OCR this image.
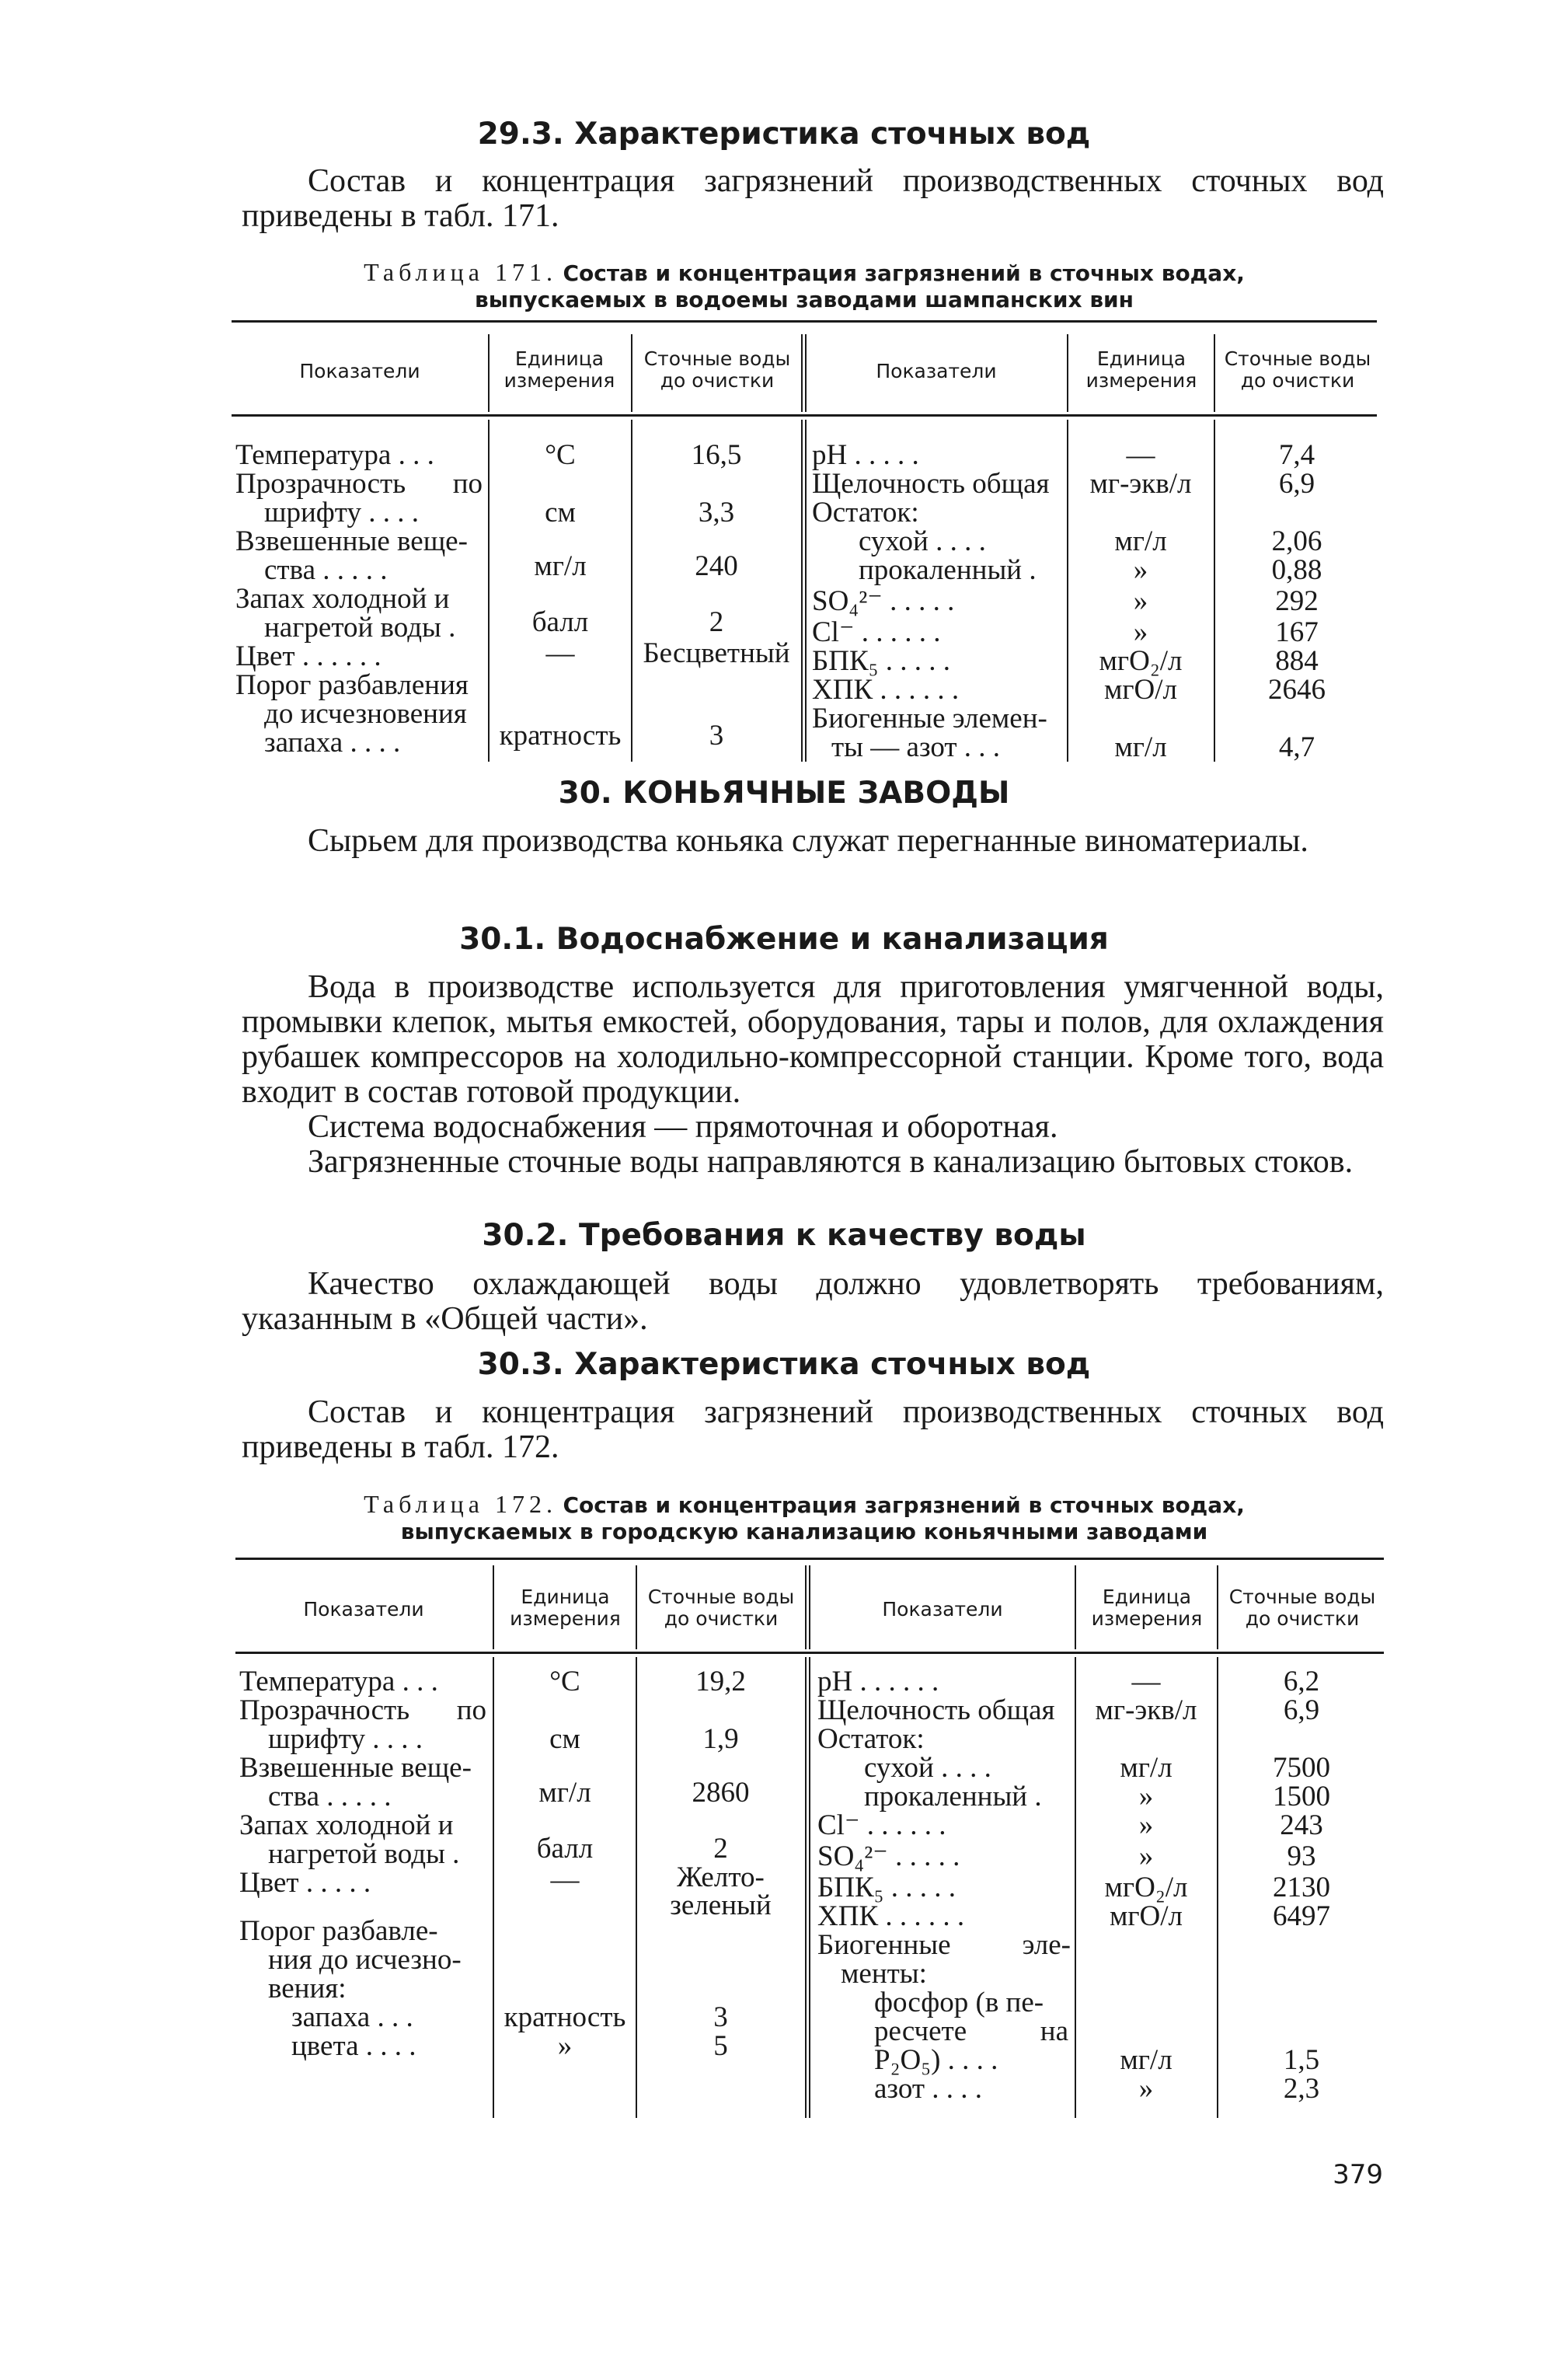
29.3. Характеристика сточных вод
Состав и концентрация загрязнений производственных сточных вод приведены в табл. 171.
Таблица 171. Состав и концентрация загрязнений в сточных водах,
выпускаемых в водоемы заводами шампанских вин
Показатели
Единица измерения
Сточные воды до очистки	Показатели
Единица измерения
Сточные воды до очистки
Температура . . .
Прозрачность по
шрифту . . . .
Взвешенные веще-
ства . . . . .
Запах холодной и
нагретой воды .
Цвет . . . . . .
Порог разбавления
до исчезновения
запаха . . . .
°С
см
мг/л
балл
—
кратность
16,5
3,3
240
2
Бесцветный
3
pH . . . . .
Щелочность общая
Остаток:
сухой . . . .
прокаленный .
SO₄²⁻ . . . . .
Cl⁻ . . . . . .
БПК₅ . . . . .
ХПК . . . . . .
Биогенные элемен-
ты — азот . . .
—
мг-экв/л
мг/л
»
»
»
мгО₂/л
мгО/л
мг/л
7,4
6,9
2,06
0,88
292
167
884
2646
4,7
30. КОНЬЯЧНЫЕ ЗАВОДЫ
Сырьем для производства коньяка служат перегнанные виноматериалы.
30.1. Водоснабжение и канализация
Вода в производстве используется для приготовления умягченной воды, промывки клепок, мытья емкостей, оборудования, тары и полов, для охлаждения рубашек компрессоров на холодильно-компрессорной станции. Кроме того, вода входит в состав готовой продукции.
Система водоснабжения — прямоточная и оборотная.
Загрязненные сточные воды направляются в канализацию бытовых стоков.
30.2. Требования к качеству воды
Качество охлаждающей воды должно удовлетворять требованиям, указанным в «Общей части».
30.3. Характеристика сточных вод
Состав и концентрация загрязнений производственных сточных вод приведены в табл. 172.
Таблица 172. Состав и концентрация загрязнений в сточных водах,
выпускаемых в городскую канализацию коньячными заводами
Показатели
Единица измерения
Сточные воды до очистки	Показатели
Единица измерения
Сточные воды до очистки
Температура . . .
Прозрачность по
шрифту . . . .
Взвешенные веще-
ства . . . . .
Запах холодной и
нагретой воды .
Цвет . . . . .
Порог разбавле-
ния до исчезно-
вения:
запаха . . .
цвета . . . .
°С
см
мг/л
балл
—
кратность
»
19,2
1,9
2860
2
Желто-
зеленый
3
5
pH . . . . . .
Щелочность общая
Остаток:
сухой . . . .
прокаленный .
Cl⁻ . . . . . .
SO₄²⁻ . . . . .
БПК₅ . . . . .
ХПК . . . . . .
Биогенные эле-
менты:
фосфор (в пе-
ресчете на
P₂O₅) . . . .
азот . . . .
—
мг-экв/л
мг/л
»
»
»
мгО₂/л
мгО/л
мг/л
»
6,2
6,9
7500
1500
243
93
2130
6497
1,5
2,3
379
